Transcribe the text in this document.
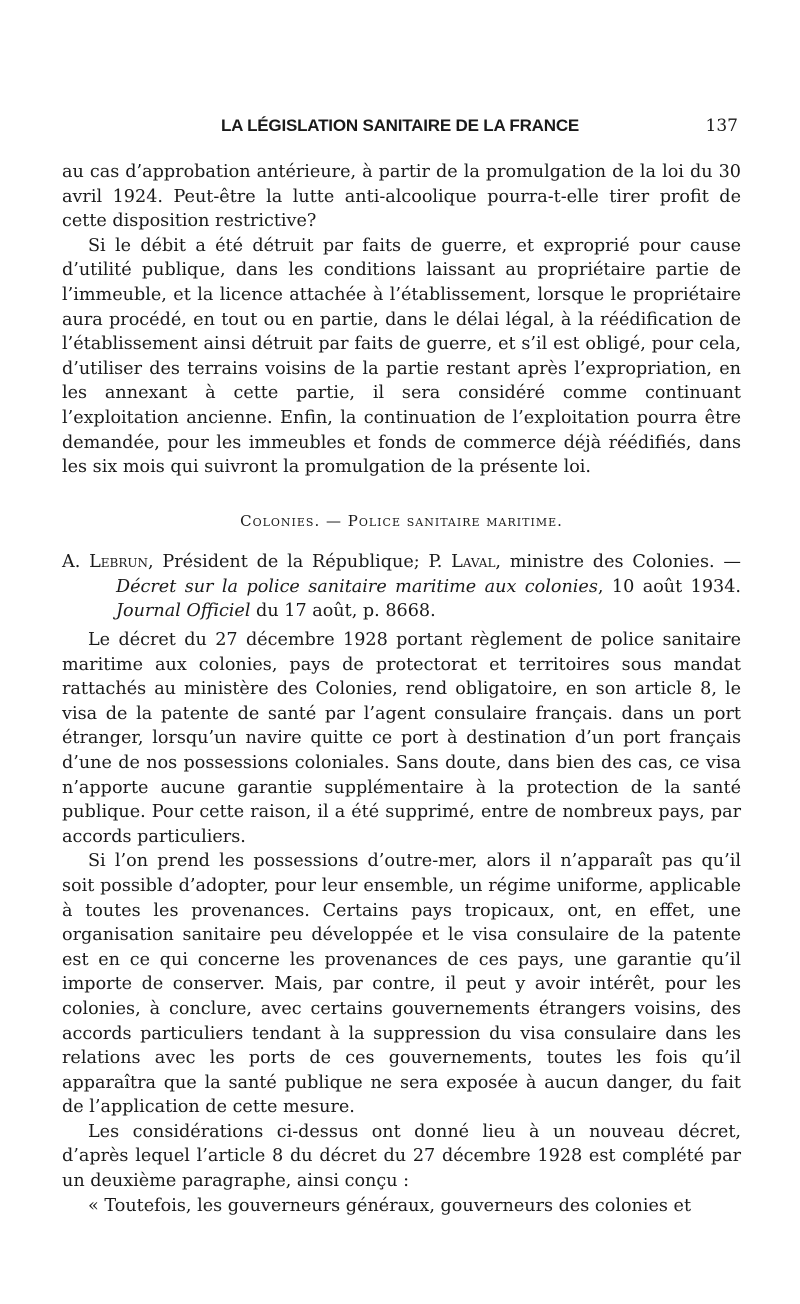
LA LÉGISLATION SANITAIRE DE LA FRANCE	137

au cas d’approbation antérieure, à partir de la promulgation de la loi du 30 avril 1924. Peut-être la lutte anti-alcoolique pourra-t-elle tirer profit de cette disposition restrictive?

Si le débit a été détruit par faits de guerre, et exproprié pour cause d’utilité publique, dans les conditions laissant au propriétaire partie de l’immeuble, et la licence attachée à l’établissement, lorsque le propriétaire aura procédé, en tout ou en partie, dans le délai légal, à la réédification de l’établissement ainsi détruit par faits de guerre, et s’il est obligé, pour cela, d’utiliser des terrains voisins de la partie restant après l’expropriation, en les annexant à cette partie, il sera considéré comme continuant l’exploitation ancienne. Enfin, la continuation de l’exploitation pourra être demandée, pour les immeubles et fonds de commerce déjà réédifiés, dans les six mois qui suivront la promulgation de la présente loi.

Colonies. — Police sanitaire maritime.
A. Lebrun, Président de la République; P. Laval, ministre des Colonies. — Décret sur la police sanitaire maritime aux colonies, 10 août 1934. Journal Officiel du 17 août, p. 8668.

Le décret du 27 décembre 1928 portant règlement de police sanitaire maritime aux colonies, pays de protectorat et territoires sous mandat rattachés au ministère des Colonies, rend obligatoire, en son article 8, le visa de la patente de santé par l’agent consulaire français. dans un port étranger, lorsqu’un navire quitte ce port à destination d’un port français d’une de nos possessions coloniales. Sans doute, dans bien des cas, ce visa n’apporte aucune garantie supplémentaire à la protection de la santé publique. Pour cette raison, il a été supprimé, entre de nombreux pays, par accords particuliers.

Si l’on prend les possessions d’outre-mer, alors il n’apparaît pas qu’il soit possible d’adopter, pour leur ensemble, un régime uniforme, applicable à toutes les provenances. Certains pays tropicaux, ont, en effet, une organisation sanitaire peu développée et le visa consulaire de la patente est en ce qui concerne les provenances de ces pays, une garantie qu’il importe de conserver. Mais, par contre, il peut y avoir intérêt, pour les colonies, à conclure, avec certains gouvernements étrangers voisins, des accords particuliers tendant à la suppression du visa consulaire dans les relations avec les ports de ces gouvernements, toutes les fois qu’il apparaîtra que la santé publique ne sera exposée à aucun danger, du fait de l’application de cette mesure.

Les considérations ci-dessus ont donné lieu à un nouveau décret, d’après lequel l’article 8 du décret du 27 décembre 1928 est complété par un deuxième paragraphe, ainsi conçu :

« Toutefois, les gouverneurs généraux, gouverneurs des colonies et
